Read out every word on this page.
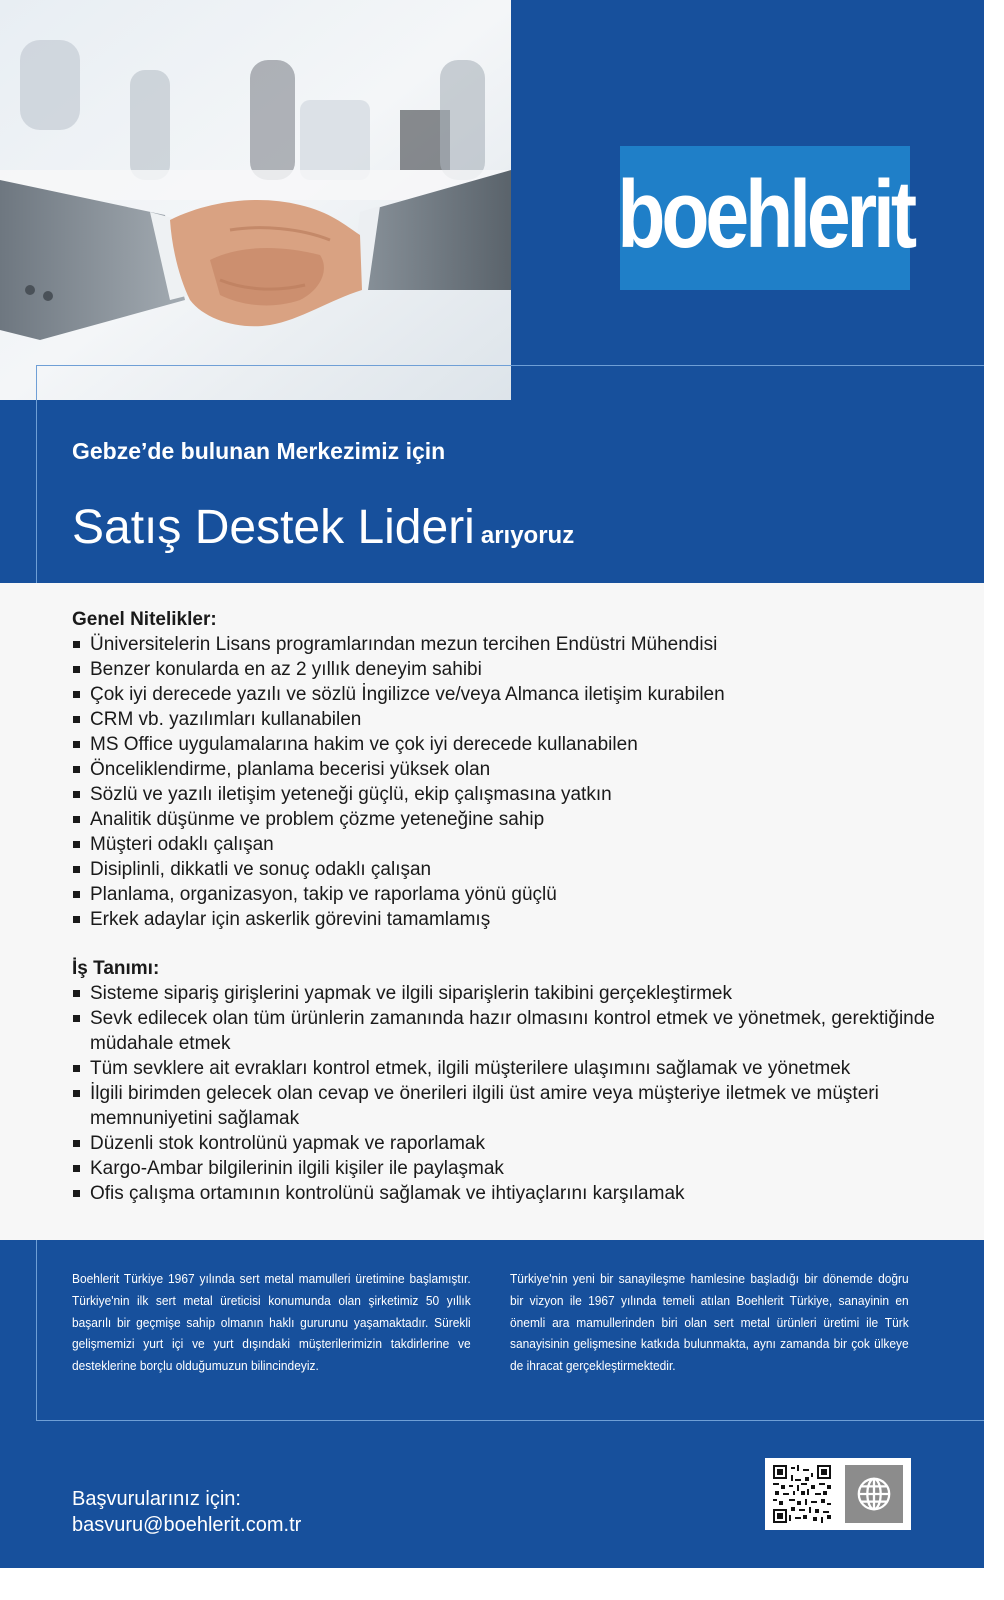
boehlerit
Gebze’de bulunan Merkezimiz için
Satış Destek Lideri arıyoruz
Genel Nitelikler:
Üniversitelerin Lisans programlarından mezun tercihen Endüstri Mühendisi
Benzer konularda en az 2 yıllık deneyim sahibi
Çok iyi derecede yazılı ve sözlü İngilizce ve/veya Almanca iletişim kurabilen
CRM vb. yazılımları kullanabilen
MS Office uygulamalarına hakim ve çok iyi derecede kullanabilen
Önceliklendirme, planlama becerisi yüksek olan
Sözlü ve yazılı iletişim yeteneği güçlü, ekip çalışmasına yatkın
Analitik düşünme ve problem çözme yeteneğine sahip
Müşteri odaklı çalışan
Disiplinli, dikkatli ve sonuç odaklı çalışan
Planlama, organizasyon, takip ve raporlama yönü güçlü
Erkek adaylar için askerlik görevini tamamlamış
İş Tanımı:
Sisteme sipariş girişlerini yapmak ve ilgili siparişlerin takibini gerçekleştirmek
Sevk edilecek olan tüm ürünlerin zamanında hazır olmasını kontrol etmek ve yönetmek, gerektiğinde müdahale etmek
Tüm sevklere ait evrakları kontrol etmek, ilgili müşterilere ulaşımını sağlamak ve yönetmek
İlgili birimden gelecek olan cevap ve önerileri ilgili üst amire veya müşteriye iletmek ve müşteri memnuniyetini sağlamak
Düzenli stok kontrolünü yapmak ve raporlamak
Kargo-Ambar bilgilerinin ilgili kişiler ile paylaşmak
Ofis çalışma ortamının kontrolünü sağlamak ve ihtiyaçlarını karşılamak
Boehlerit Türkiye 1967 yılında sert metal mamulleri üretimine başlamıştır. Türkiye'nin ilk sert metal üreticisi konumunda olan şirketimiz 50 yıllık başarılı bir geçmişe sahip olmanın haklı gururunu yaşamaktadır. Sürekli gelişmemizi yurt içi ve yurt dışındaki müşterilerimizin takdirlerine ve desteklerine borçlu olduğumuzun bilincindeyiz.
Türkiye'nin yeni bir sanayileşme hamlesine başladığı bir dönemde doğru bir vizyon ile 1967 yılında temeli atılan Boehlerit Türkiye, sanayinin en önemli ara mamullerinden biri olan sert metal ürünleri üretimi ile Türk sanayisinin gelişmesine katkıda bulunmakta, aynı zamanda bir çok ülkeye de ihracat gerçekleştirmektedir.
Başvurularınız için:
basvuru@boehlerit.com.tr
